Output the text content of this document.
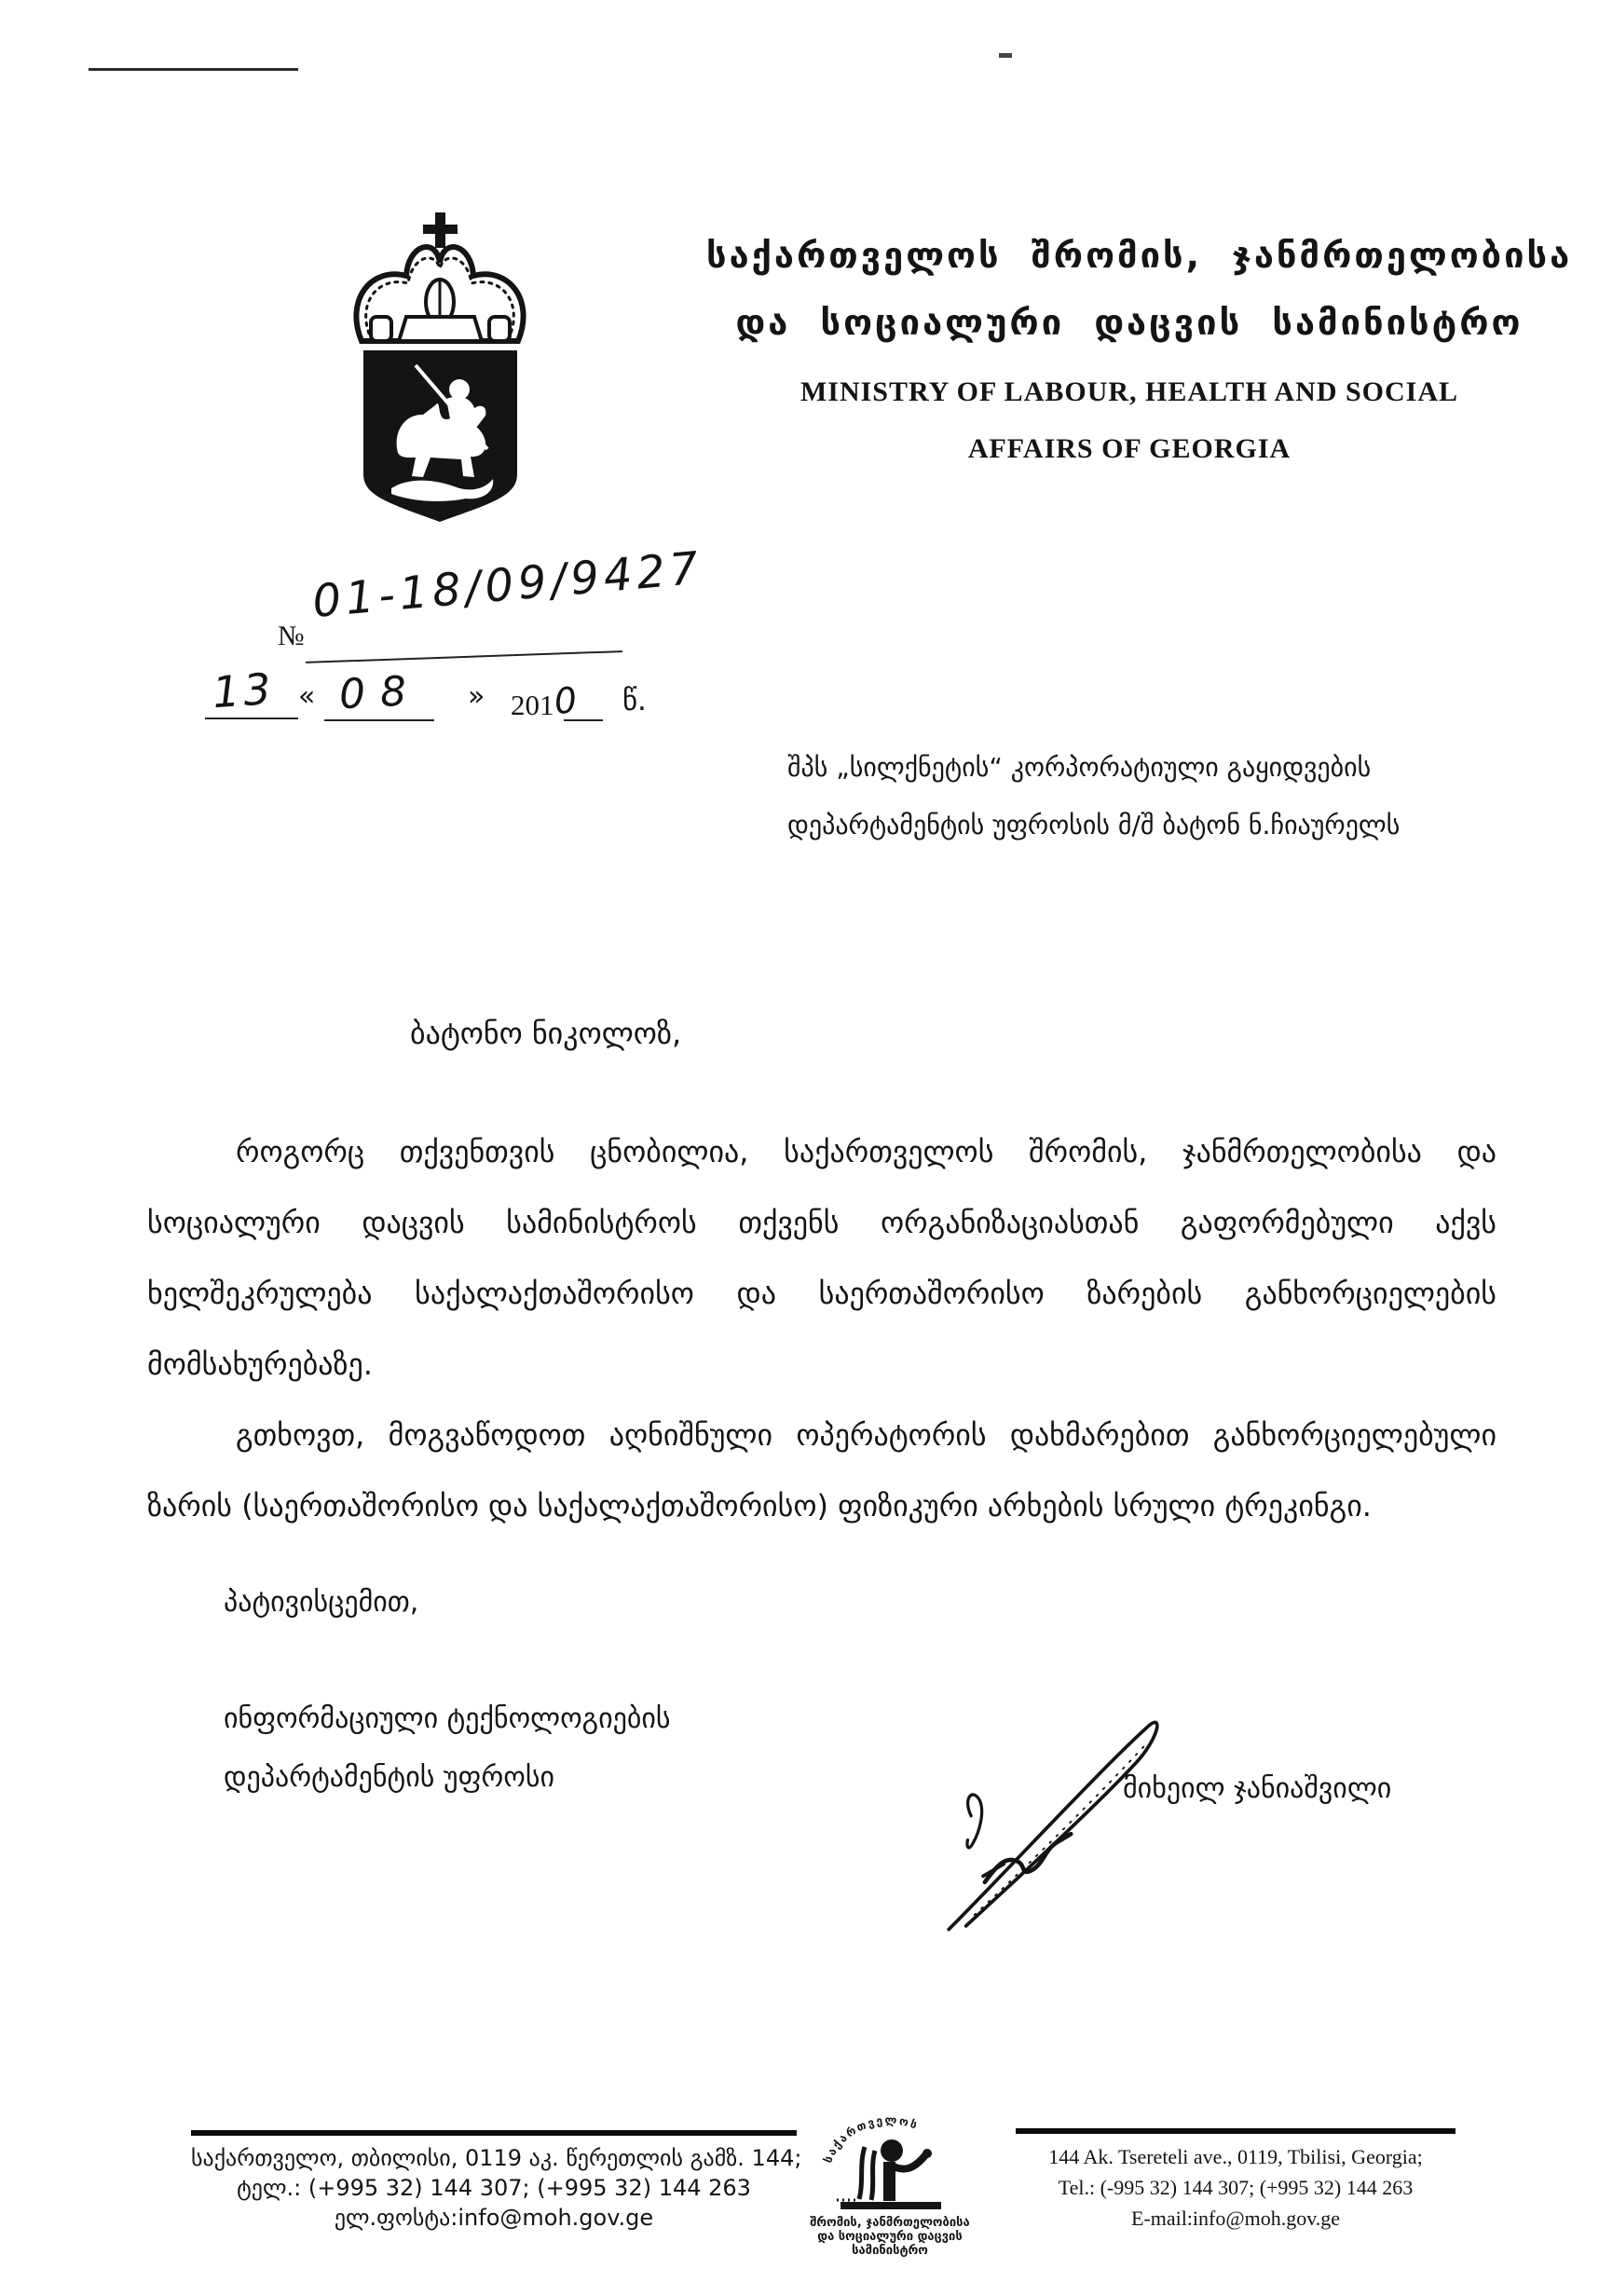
საქართველოს შრომის, ჯანმრთელობისა
და სოციალური დაცვის სამინისტრო
MINISTRY OF LABOUR, HEALTH AND SOCIAL
AFFAIRS OF GEORGIA
№
01-18/09/9427
13 « 08 » 2010 წ.
შპს „სილქნეტის“ კორპორატიული გაყიდვების
დეპარტამენტის უფროსის მ/შ ბატონ ნ.ჩიაურელს
ბატონო ნიკოლოზ,

როგორც თქვენთვის ცნობილია, საქართველოს შრომის, ჯანმრთელობისა და სოციალური დაცვის სამინისტროს თქვენს ორგანიზაციასთან გაფორმებული აქვს ხელშეკრულება საქალაქთაშორისო და საერთაშორისო ზარების განხორციელების მომსახურებაზე.

გთხოვთ, მოგვაწოდოთ აღნიშნული ოპერატორის დახმარებით განხორციელებული ზარის (საერთაშორისო და საქალაქთაშორისო) ფიზიკური არხების სრული ტრეკინგი.

პატივისცემით,
ინფორმაციული ტექნოლოგიების
დეპარტამენტის უფროსი	მიხეილ ჯანიაშვილი
საქართველო, თბილისი, 0119 აკ. წერეთლის გამზ. 144;
ტელ.: (+995 32) 144 307; (+995 32) 144 263
ელ.ფოსტა:info@moh.gov.ge
საქართველოს
შრომის, ჯანმრთელობისა
და სოციალური დაცვის
სამინისტრო
144 Ak. Tsereteli ave., 0119, Tbilisi, Georgia;
Tel.: (-995 32) 144 307; (+995 32) 144 263
E-mail:info@moh.gov.ge
